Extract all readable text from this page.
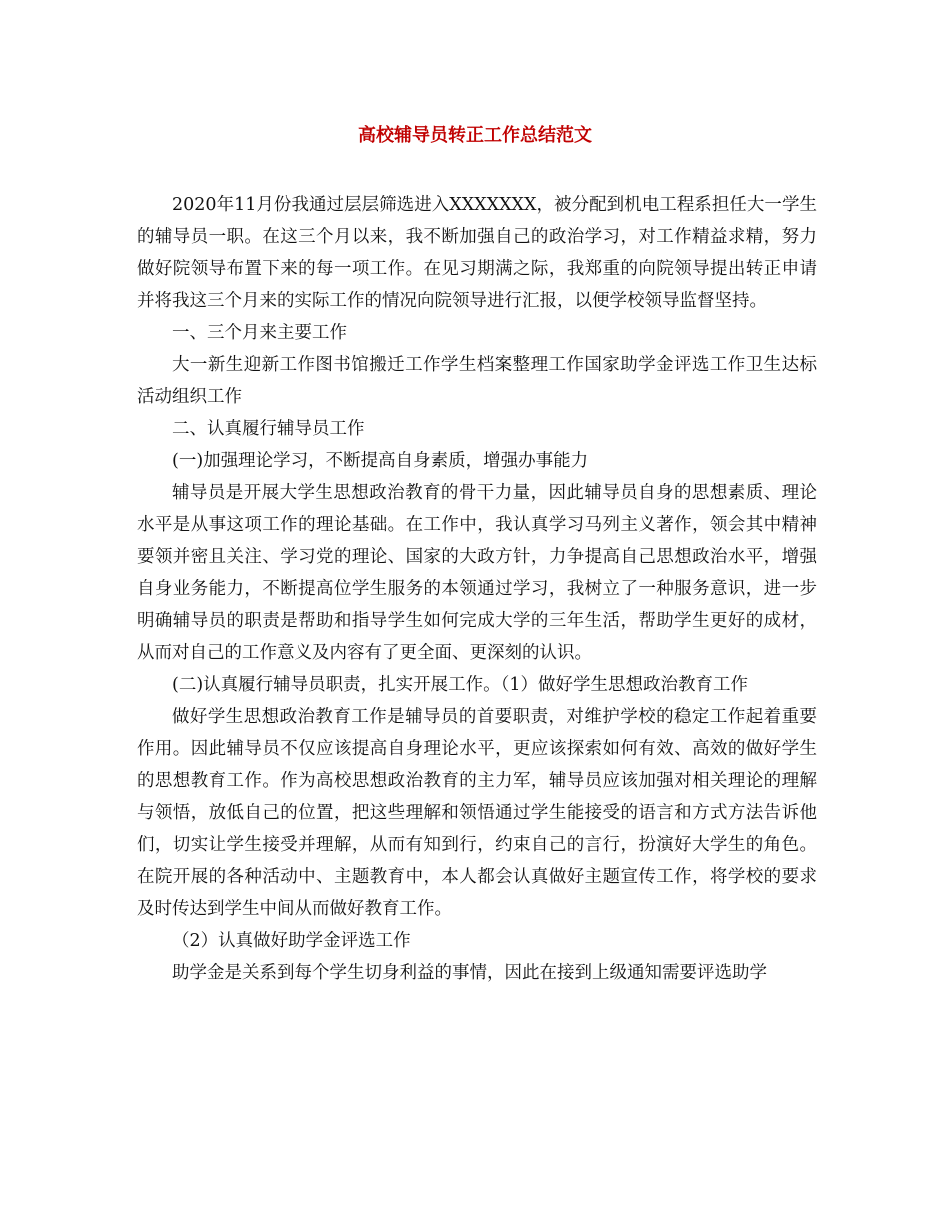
高校辅导员转正工作总结范文

2020年11月份我通过层层筛选进入XXXXXXX，被分配到机电工程系担任大一学生的辅导员一职。在这三个月以来，我不断加强自己的政治学习，对工作精益求精，努力做好院领导布置下来的每一项工作。在见习期满之际，我郑重的向院领导提出转正申请并将我这三个月来的实际工作的情况向院领导进行汇报，以便学校领导监督坚持。

一、三个月来主要工作

大一新生迎新工作图书馆搬迁工作学生档案整理工作国家助学金评选工作卫生达标活动组织工作

二、认真履行辅导员工作

(一)加强理论学习，不断提高自身素质，增强办事能力

辅导员是开展大学生思想政治教育的骨干力量，因此辅导员自身的思想素质、理论水平是从事这项工作的理论基础。在工作中，我认真学习马列主义著作，领会其中精神要领并密且关注、学习党的理论、国家的大政方针，力争提高自己思想政治水平，增强自身业务能力，不断提高位学生服务的本领通过学习，我树立了一种服务意识，进一步明确辅导员的职责是帮助和指导学生如何完成大学的三年生活，帮助学生更好的成材，从而对自己的工作意义及内容有了更全面、更深刻的认识。

(二)认真履行辅导员职责，扎实开展工作。（1）做好学生思想政治教育工作

做好学生思想政治教育工作是辅导员的首要职责，对维护学校的稳定工作起着重要作用。因此辅导员不仅应该提高自身理论水平，更应该探索如何有效、高效的做好学生的思想教育工作。作为高校思想政治教育的主力军，辅导员应该加强对相关理论的理解与领悟，放低自己的位置，把这些理解和领悟通过学生能接受的语言和方式方法告诉他们，切实让学生接受并理解，从而有知到行，约束自己的言行，扮演好大学生的角色。在院开展的各种活动中、主题教育中，本人都会认真做好主题宣传工作，将学校的要求及时传达到学生中间从而做好教育工作。

（2）认真做好助学金评选工作

助学金是关系到每个学生切身利益的事情，因此在接到上级通知需要评选助学
